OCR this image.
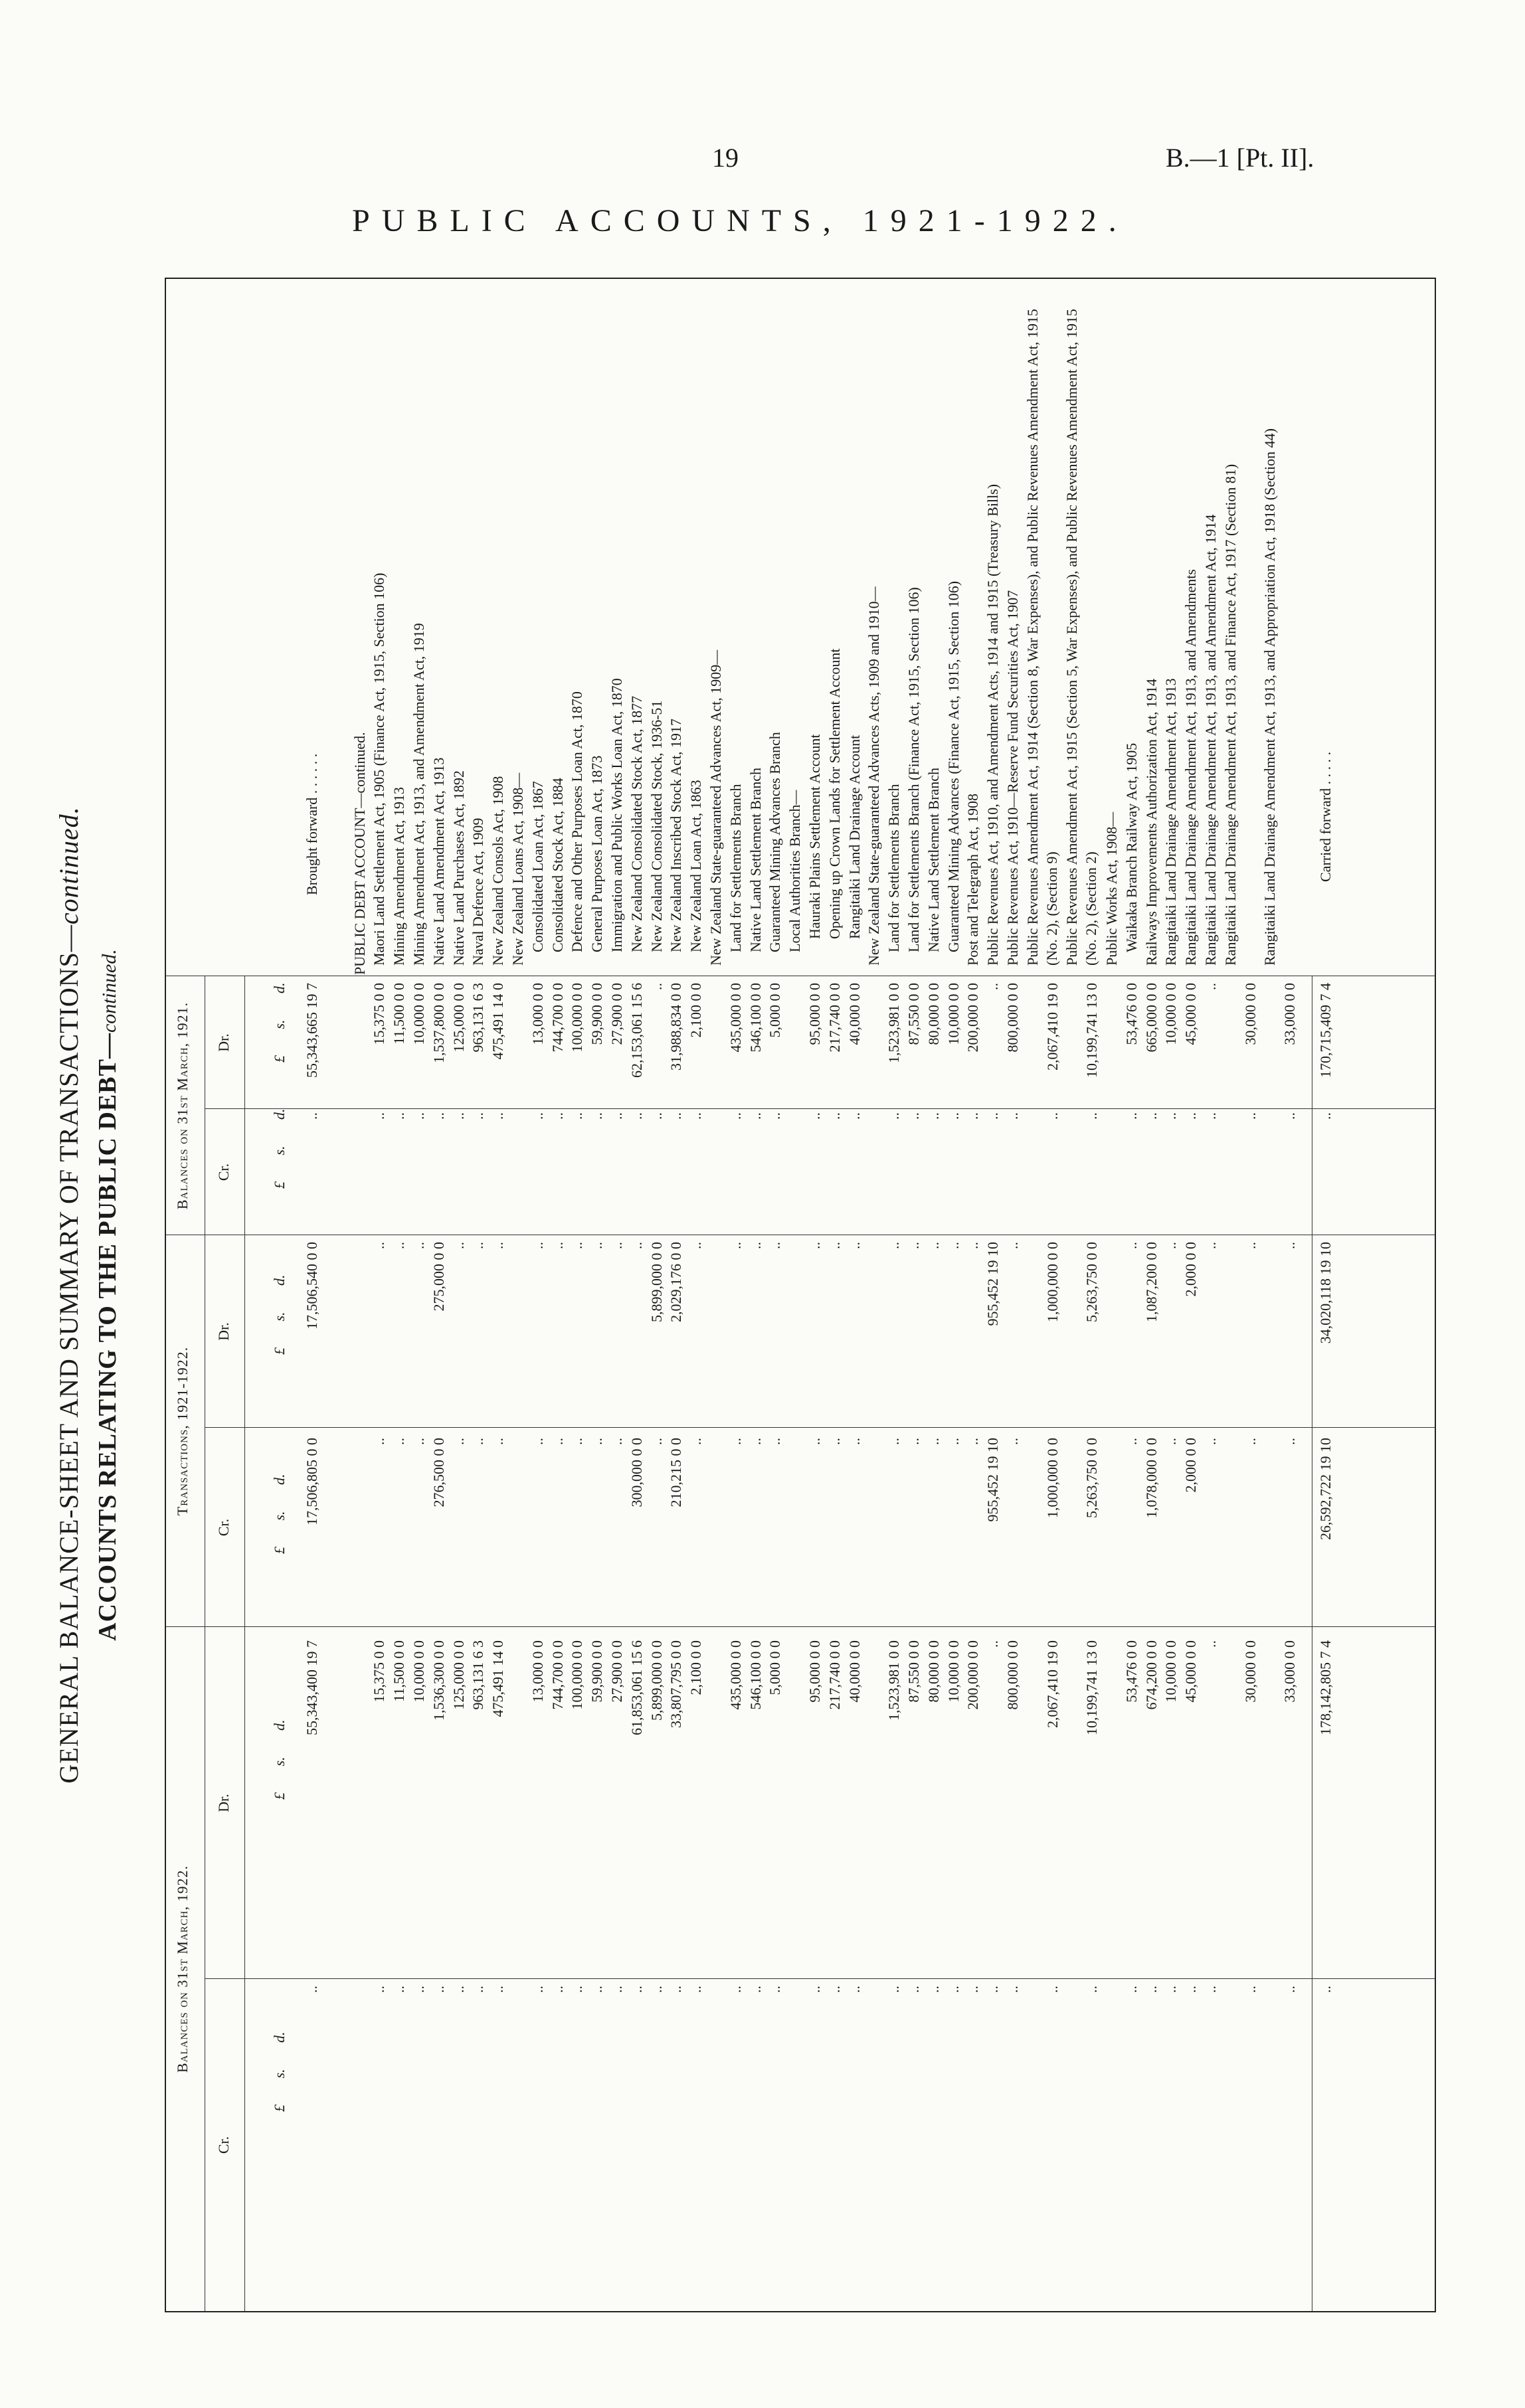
19	B.—1 [Pt. II].
PUBLIC ACCOUNTS, 1921-1922.
GENERAL BALANCE-SHEET AND SUMMARY OF TRANSACTIONS—continued.
ACCOUNTS RELATING TO THE PUBLIC DEBT—continued.
Balances on 31st March, 1921.
Transactions, 1921-1922.
Balances on 31st March, 1922.
Dr.
Cr.
Dr.
Cr.
Dr.
Cr.
£ s. d.
£ s. d.
£ s. d.
£ s. d.
£ s. d.
£ s. d.
Brought forward . . . . . .
55,343,665 19 7
..
17,506,540 0 0
17,506,805 0 0
55,343,400 19 7
..
PUBLIC DEBT ACCOUNT—continued. Maori Land Settlement Act, 1905 (Finance Act, 1915, Section 106)
15,375 0 0
..
..
..
15,375 0 0
..
Mining Amendment Act, 1913
11,500 0 0
..
..
..
11,500 0 0
..
Mining Amendment Act, 1913, and Amendment Act, 1919
10,000 0 0
..
..
..
10,000 0 0
..
Native Land Amendment Act, 1913
1,537,800 0 0
..
275,000 0 0
276,500 0 0
1,536,300 0 0
..
Native Land Purchases Act, 1892
125,000 0 0
..
..
..
125,000 0 0
..
Naval Defence Act, 1909
963,131 6 3
..
..
..
963,131 6 3
..
New Zealand Consols Act, 1908
475,491 14 0
..
..
..
475,491 14 0
..
New Zealand Loans Act, 1908— Consolidated Loan Act, 1867
13,000 0 0
..
..
..
13,000 0 0
..
Consolidated Stock Act, 1884
744,700 0 0
..
..
..
744,700 0 0
..
Defence and Other Purposes Loan Act, 1870
100,000 0 0
..
..
..
100,000 0 0
..
General Purposes Loan Act, 1873
59,900 0 0
..
..
..
59,900 0 0
..
Immigration and Public Works Loan Act, 1870
27,900 0 0
..
..
..
27,900 0 0
..
New Zealand Consolidated Stock Act, 1877
62,153,061 15 6
..
..
300,000 0 0
61,853,061 15 6
..
New Zealand Consolidated Stock, 1936-51
..
..
5,899,000 0 0
..
5,899,000 0 0
..
New Zealand Inscribed Stock Act, 1917
31,988,834 0 0
..
2,029,176 0 0
210,215 0 0
33,807,795 0 0
..
New Zealand Loan Act, 1863
2,100 0 0
..
..
..
2,100 0 0
..
New Zealand State-guaranteed Advances Act, 1909— Land for Settlements Branch
435,000 0 0
..
..
..
435,000 0 0
..
Native Land Settlement Branch
546,100 0 0
..
..
..
546,100 0 0
..
Guaranteed Mining Advances Branch
5,000 0 0
..
..
..
5,000 0 0
..
Local Authorities Branch— Hauraki Plains Settlement Account
95,000 0 0
..
..
..
95,000 0 0
..
Opening up Crown Lands for Settlement Account
217,740 0 0
..
..
..
217,740 0 0
..
Rangitaiki Land Drainage Account
40,000 0 0
..
..
..
40,000 0 0
..
New Zealand State-guaranteed Advances Acts, 1909 and 1910— Land for Settlements Branch
1,523,981 0 0
..
..
..
1,523,981 0 0
..
Land for Settlements Branch (Finance Act, 1915, Section 106)
87,550 0 0
..
..
..
87,550 0 0
..
Native Land Settlement Branch
80,000 0 0
..
..
..
80,000 0 0
..
Guaranteed Mining Advances (Finance Act, 1915, Section 106)
10,000 0 0
..
..
..
10,000 0 0
..
Post and Telegraph Act, 1908
200,000 0 0
..
..
..
200,000 0 0
..
Public Revenues Act, 1910, and Amendment Acts, 1914 and 1915 (Treasury Bills)
..
..
955,452 19 10
955,452 19 10
..
..
Public Revenues Act, 1910—Reserve Fund Securities Act, 1907
800,000 0 0
..
..
..
800,000 0 0
..
Public Revenues Amendment Act, 1914 (Section 8, War Expenses), and Public Revenues Amendment Act, 1915 (No. 2), (Section 9)
2,067,410 19 0
..
1,000,000 0 0
1,000,000 0 0
2,067,410 19 0
..
Public Revenues Amendment Act, 1915 (Section 5, War Expenses), and Public Revenues Amendment Act, 1915 (No. 2), (Section 2)
10,199,741 13 0
..
5,263,750 0 0
5,263,750 0 0
10,199,741 13 0
..
Public Works Act, 1908— Waikaka Branch Railway Act, 1905
53,476 0 0
..
..
..
53,476 0 0
..
Railways Improvements Authorization Act, 1914
665,000 0 0
..
1,087,200 0 0
1,078,000 0 0
674,200 0 0
..
Rangitaiki Land Drainage Amendment Act, 1913
10,000 0 0
..
..
..
10,000 0 0
..
Rangitaiki Land Drainage Amendment Act, 1913, and Amendments
45,000 0 0
..
2,000 0 0
2,000 0 0
45,000 0 0
..
Rangitaiki Land Drainage Amendment Act, 1913, and Amendment Act, 1914
..
..
..
..
..
..
Rangitaiki Land Drainage Amendment Act, 1913, and Finance Act, 1917 (Section 81)
30,000 0 0
..
..
..
30,000 0 0
..
Rangitaiki Land Drainage Amendment Act, 1913, and Appropriation Act, 1918 (Section 44)
33,000 0 0
..
..
..
33,000 0 0
..
Carried forward . . . . .
170,715,409 7 4
..
34,020,118 19 10
26,592,722 19 10
178,142,805 7 4
..
